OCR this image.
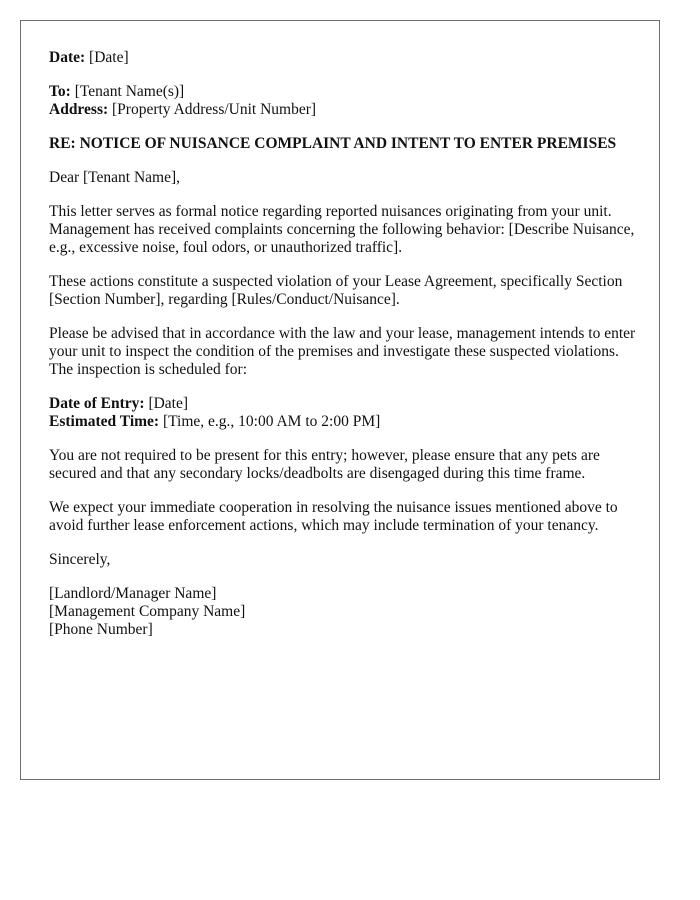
Date: [Date]
To: [Tenant Name(s)]
Address: [Property Address/Unit Number]
RE: NOTICE OF NUISANCE COMPLAINT AND INTENT TO ENTER PREMISES
Dear [Tenant Name],

This letter serves as formal notice regarding reported nuisances originating from your unit. Management has received complaints concerning the following behavior: [Describe Nuisance, e.g., excessive noise, foul odors, or unauthorized traffic].

These actions constitute a suspected violation of your Lease Agreement, specifically Section [Section Number], regarding [Rules/Conduct/Nuisance].

Please be advised that in accordance with the law and your lease, management intends to enter your unit to inspect the condition of the premises and investigate these suspected violations. The inspection is scheduled for:

Date of Entry: [Date]
Estimated Time: [Time, e.g., 10:00 AM to 2:00 PM]

You are not required to be present for this entry; however, please ensure that any pets are secured and that any secondary locks/deadbolts are disengaged during this time frame.

We expect your immediate cooperation in resolving the nuisance issues mentioned above to avoid further lease enforcement actions, which may include termination of your tenancy.

Sincerely,
[Landlord/Manager Name]
[Management Company Name]
[Phone Number]
